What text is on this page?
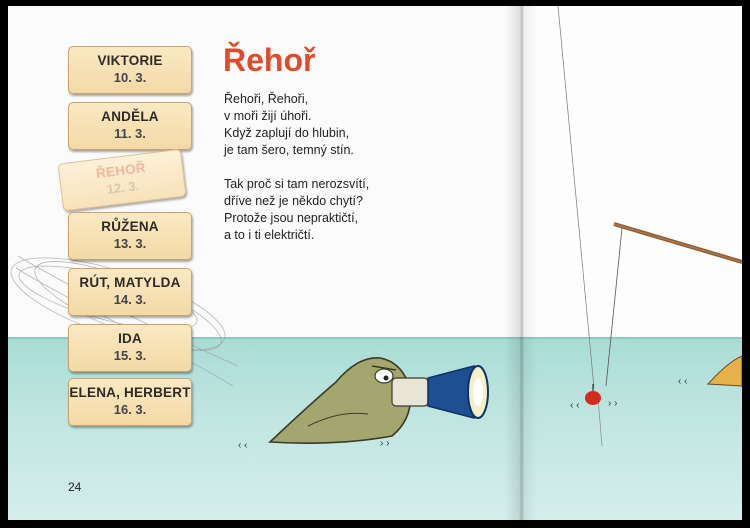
‹ ‹	› ›
‹ ‹
‹ ‹	› ›
VIKTORIE
10. 3.
ANDĚLA
11. 3.
ŘEHOŘ
12. 3.
RŮŽENA
13. 3.
RÚT, MATYLDA
14. 3.
IDA
15. 3.
ELENA, HERBERT
16. 3.
Řehoř
Řehoři, Řehoři,
v moři žijí úhoři.
Když zaplují do hlubin,
je tam šero, temný stín.
Tak proč si tam nerozsvítí,
dříve než je někdo chytí?
Protože jsou nepraktičtí,
a to i ti električtí.
24
